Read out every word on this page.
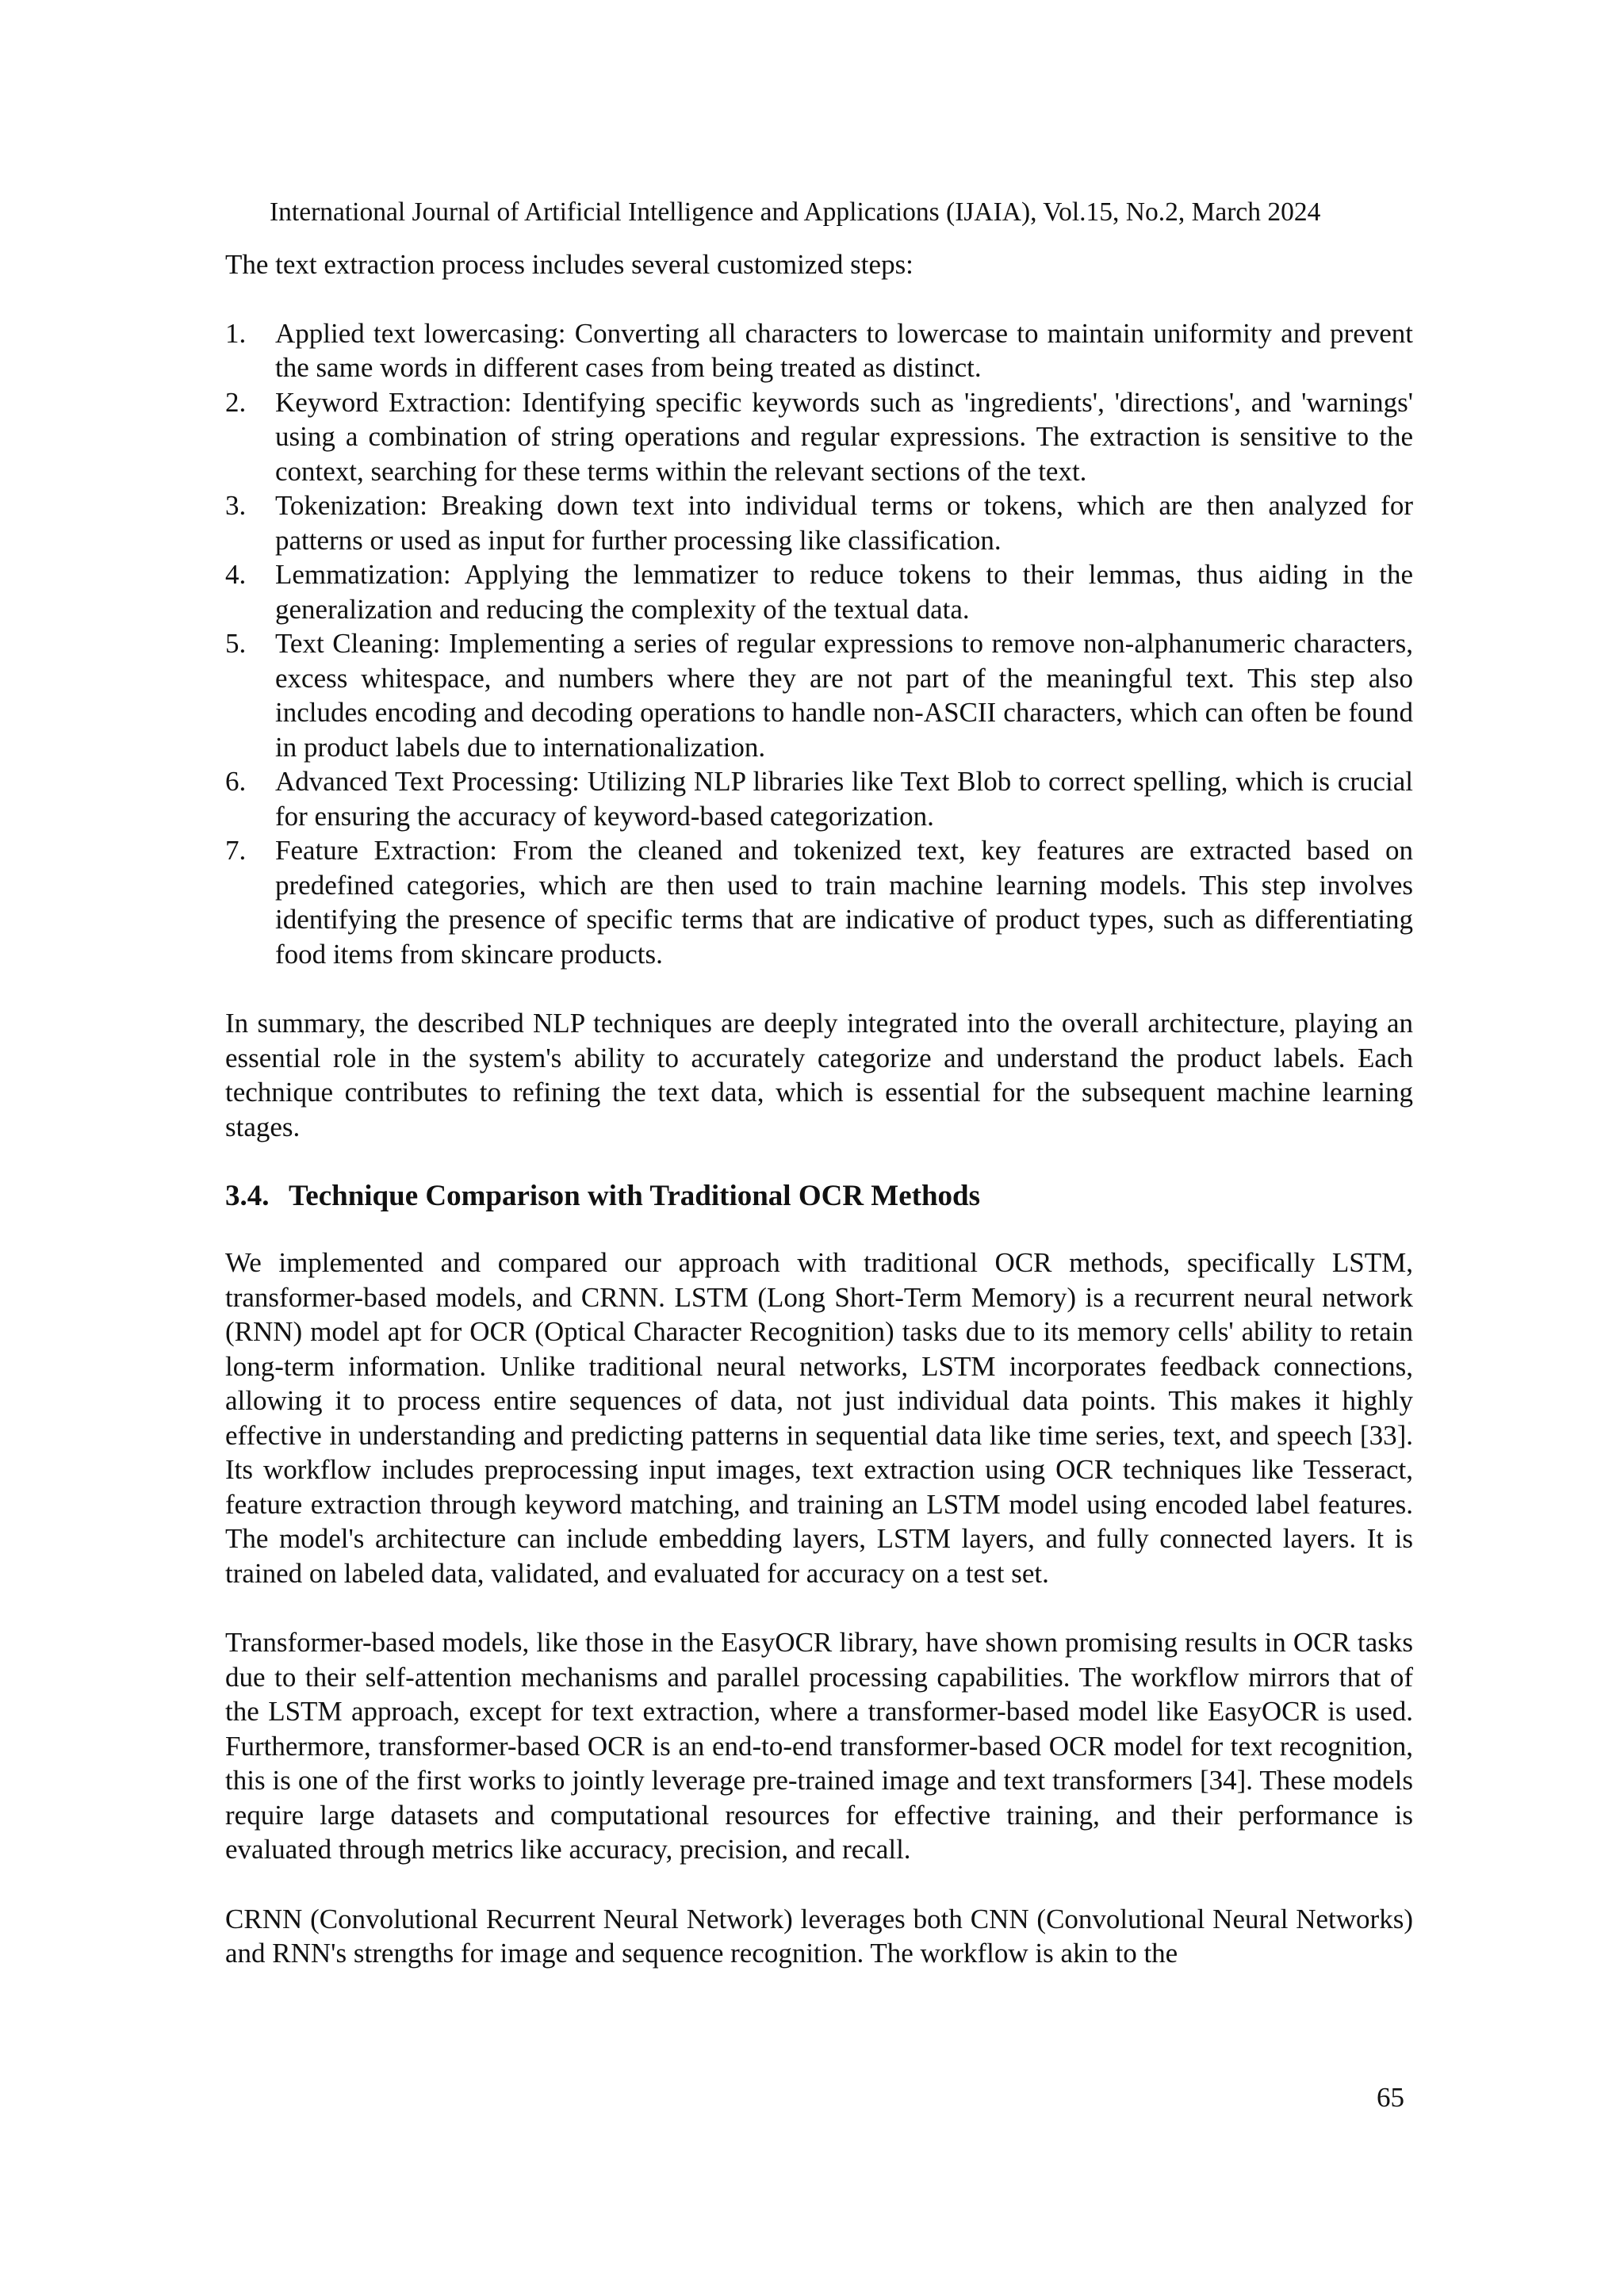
International Journal of Artificial Intelligence and Applications (IJAIA), Vol.15, No.2, March 2024

The text extraction process includes several customized steps:

1. Applied text lowercasing: Converting all characters to lowercase to maintain uniformity and prevent the same words in different cases from being treated as distinct.
2. Keyword Extraction: Identifying specific keywords such as 'ingredients', 'directions', and 'warnings' using a combination of string operations and regular expressions. The extraction is sensitive to the context, searching for these terms within the relevant sections of the text.
3. Tokenization: Breaking down text into individual terms or tokens, which are then analyzed for patterns or used as input for further processing like classification.
4. Lemmatization: Applying the lemmatizer to reduce tokens to their lemmas, thus aiding in the generalization and reducing the complexity of the textual data.
5. Text Cleaning: Implementing a series of regular expressions to remove non-alphanumeric characters, excess whitespace, and numbers where they are not part of the meaningful text. This step also includes encoding and decoding operations to handle non-ASCII characters, which can often be found in product labels due to internationalization.
6. Advanced Text Processing: Utilizing NLP libraries like Text Blob to correct spelling, which is crucial for ensuring the accuracy of keyword-based categorization.
7. Feature Extraction: From the cleaned and tokenized text, key features are extracted based on predefined categories, which are then used to train machine learning models. This step involves identifying the presence of specific terms that are indicative of product types, such as differentiating food items from skincare products.

In summary, the described NLP techniques are deeply integrated into the overall architecture, playing an essential role in the system's ability to accurately categorize and understand the product labels. Each technique contributes to refining the text data, which is essential for the subsequent machine learning stages.

3.4. Technique Comparison with Traditional OCR Methods

We implemented and compared our approach with traditional OCR methods, specifically LSTM, transformer-based models, and CRNN. LSTM (Long Short-Term Memory) is a recurrent neural network (RNN) model apt for OCR (Optical Character Recognition) tasks due to its memory cells' ability to retain long-term information. Unlike traditional neural networks, LSTM incorporates feedback connections, allowing it to process entire sequences of data, not just individual data points. This makes it highly effective in understanding and predicting patterns in sequential data like time series, text, and speech [33]. Its workflow includes preprocessing input images, text extraction using OCR techniques like Tesseract, feature extraction through keyword matching, and training an LSTM model using encoded label features. The model's architecture can include embedding layers, LSTM layers, and fully connected layers. It is trained on labeled data, validated, and evaluated for accuracy on a test set.

Transformer-based models, like those in the EasyOCR library, have shown promising results in OCR tasks due to their self-attention mechanisms and parallel processing capabilities. The workflow mirrors that of the LSTM approach, except for text extraction, where a transformer-based model like EasyOCR is used. Furthermore, transformer-based OCR is an end-to-end transformer-based OCR model for text recognition, this is one of the first works to jointly leverage pre-trained image and text transformers [34]. These models require large datasets and computational resources for effective training, and their performance is evaluated through metrics like accuracy, precision, and recall.

CRNN (Convolutional Recurrent Neural Network) leverages both CNN (Convolutional Neural Networks) and RNN's strengths for image and sequence recognition. The workflow is akin to the

65
